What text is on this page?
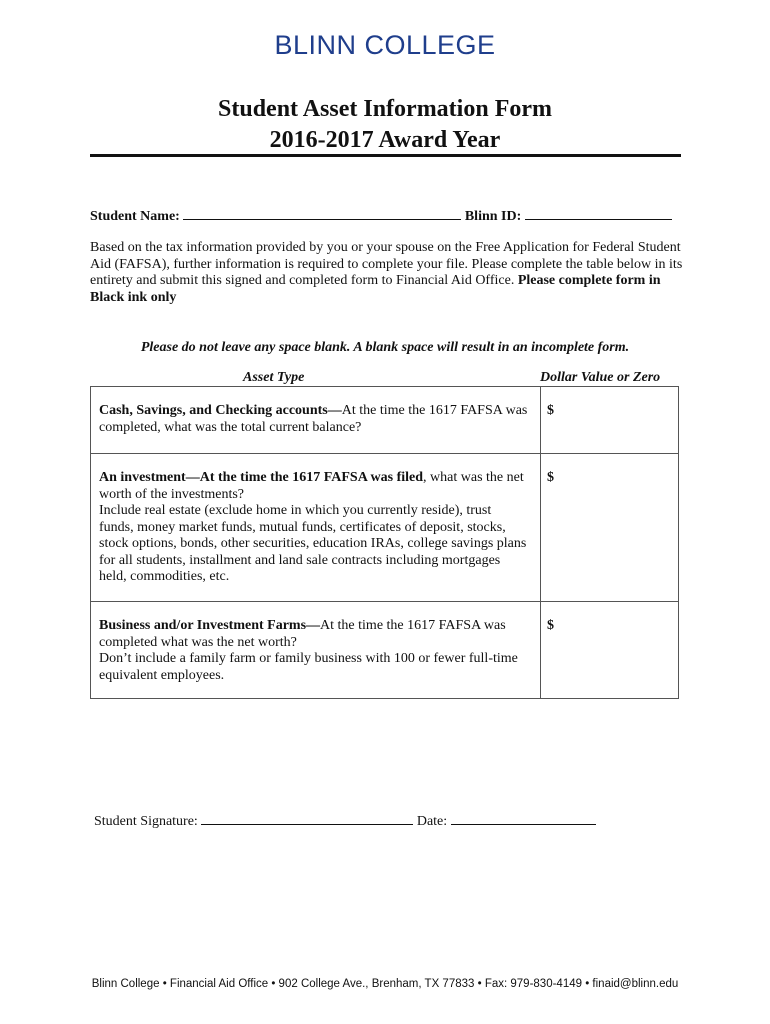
BLINN COLLEGE
Student Asset Information Form
2016-2017 Award Year
Student Name:	Blinn ID:
Based on the tax information provided by you or your spouse on the Free Application for Federal Student Aid (FAFSA), further information is required to complete your file. Please complete the table below in its entirety and submit this signed and completed form to Financial Aid Office. Please complete form in Black ink only
Please do not leave any space blank. A blank space will result in an incomplete form.
Asset Type	Dollar Value or Zero
Cash, Savings, and Checking accounts—At the time the 1617 FAFSA was completed, what was the total current balance?
$
An investment—At the time the 1617 FAFSA was filed, what was the net worth of the investments?
Include real estate (exclude home in which you currently reside), trust funds, money market funds, mutual funds, certificates of deposit, stocks, stock options, bonds, other securities, education IRAs, college savings plans for all students, installment and land sale contracts including mortgages held, commodities, etc.
$
Business and/or Investment Farms—At the time the 1617 FAFSA was completed what was the net worth?
Don’t include a family farm or family business with 100 or fewer full-time equivalent employees.
$
Student Signature:	Date:
Blinn College • Financial Aid Office • 902 College Ave., Brenham, TX 77833 • Fax: 979-830-4149 • finaid@blinn.edu
